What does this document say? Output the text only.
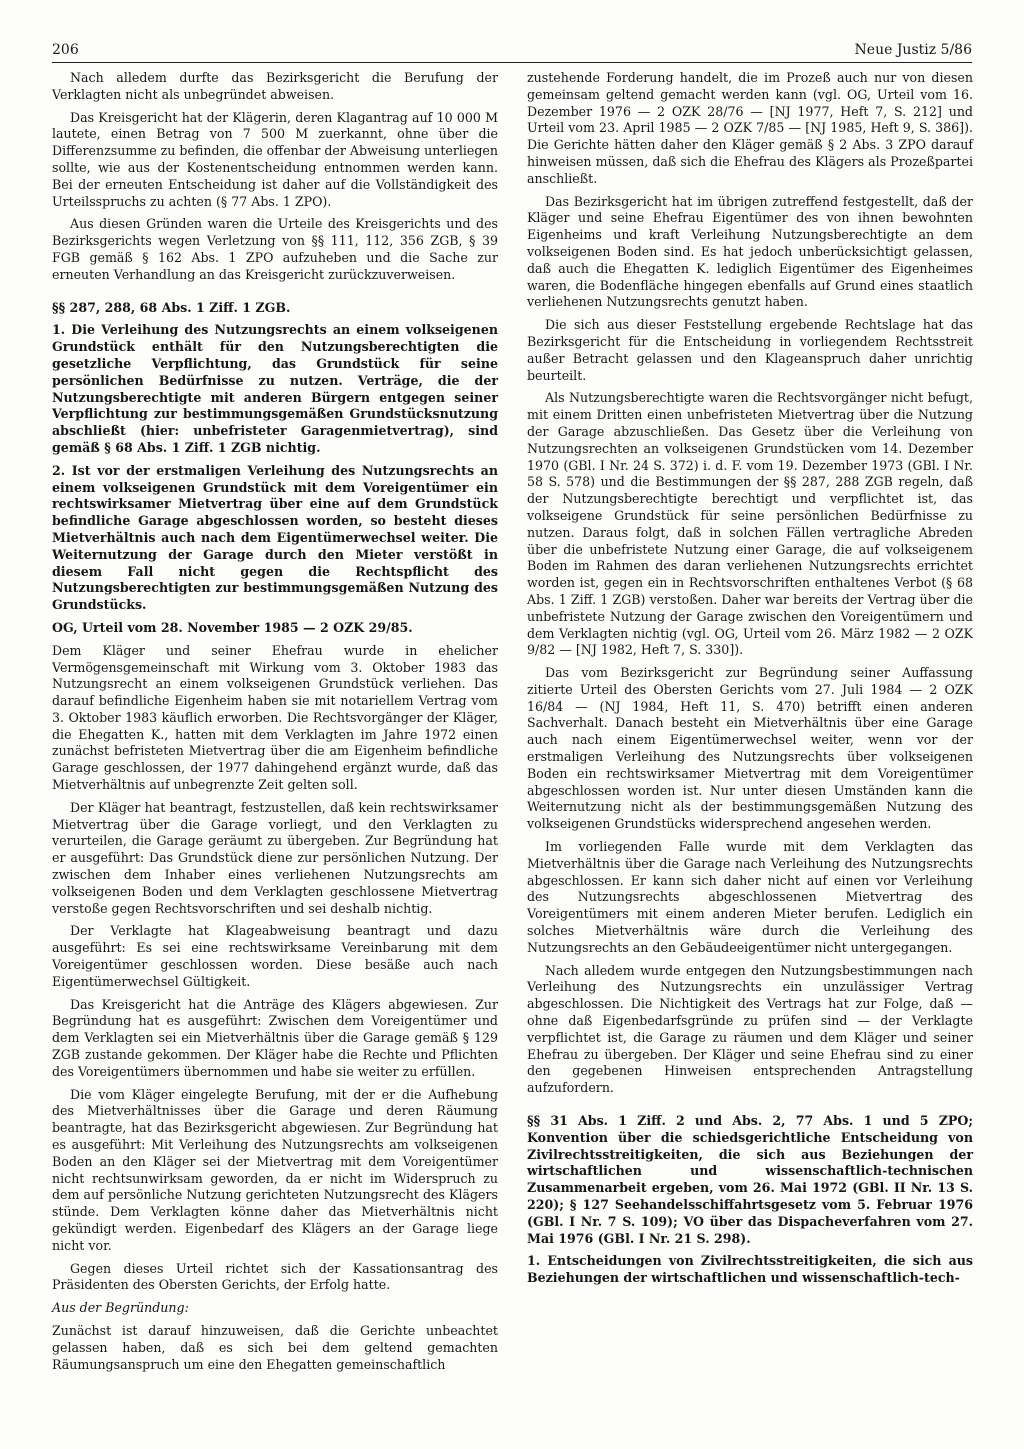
206	Neue Justiz 5/86

Nach alledem durfte das Bezirksgericht die Berufung der Verklagten nicht als unbegründet abweisen.

Das Kreisgericht hat der Klägerin, deren Klagantrag auf 10 000 M lautete, einen Betrag von 7 500 M zuerkannt, ohne über die Differenzsumme zu befinden, die offenbar der Abweisung unterliegen sollte, wie aus der Kostenentscheidung entnommen werden kann. Bei der erneuten Entscheidung ist daher auf die Vollständigkeit des Urteilsspruchs zu achten (§ 77 Abs. 1 ZPO).

Aus diesen Gründen waren die Urteile des Kreisgerichts und des Bezirksgerichts wegen Verletzung von §§ 111, 112, 356 ZGB, § 39 FGB gemäß § 162 Abs. 1 ZPO aufzuheben und die Sache zur erneuten Verhandlung an das Kreisgericht zurückzuverweisen.

§§ 287, 288, 68 Abs. 1 Ziff. 1 ZGB.

1. Die Verleihung des Nutzungsrechts an einem volkseigenen Grundstück enthält für den Nutzungsberechtigten die gesetzliche Verpflichtung, das Grundstück für seine persönlichen Bedürfnisse zu nutzen. Verträge, die der Nutzungsberechtigte mit anderen Bürgern entgegen seiner Verpflichtung zur bestimmungsgemäßen Grundstücksnutzung abschließt (hier: unbefristeter Garagenmietvertrag), sind gemäß § 68 Abs. 1 Ziff. 1 ZGB nichtig.

2. Ist vor der erstmaligen Verleihung des Nutzungsrechts an einem volkseigenen Grundstück mit dem Voreigentümer ein rechtswirksamer Mietvertrag über eine auf dem Grundstück befindliche Garage abgeschlossen worden, so besteht dieses Mietverhältnis auch nach dem Eigentümerwechsel weiter. Die Weiternutzung der Garage durch den Mieter verstößt in diesem Fall nicht gegen die Rechtspflicht des Nutzungsberechtigten zur bestimmungsgemäßen Nutzung des Grundstücks.

OG, Urteil vom 28. November 1985 — 2 OZK 29/85.

Dem Kläger und seiner Ehefrau wurde in ehelicher Vermögensgemeinschaft mit Wirkung vom 3. Oktober 1983 das Nutzungsrecht an einem volkseigenen Grundstück verliehen. Das darauf befindliche Eigenheim haben sie mit notariellem Vertrag vom 3. Oktober 1983 käuflich erworben. Die Rechtsvorgänger der Kläger, die Ehegatten K., hatten mit dem Verklagten im Jahre 1972 einen zunächst befristeten Mietvertrag über die am Eigenheim befindliche Garage geschlossen, der 1977 dahingehend ergänzt wurde, daß das Mietverhältnis auf unbegrenzte Zeit gelten soll.

Der Kläger hat beantragt, festzustellen, daß kein rechtswirksamer Mietvertrag über die Garage vorliegt, und den Verklagten zu verurteilen, die Garage geräumt zu übergeben. Zur Begründung hat er ausgeführt: Das Grundstück diene zur persönlichen Nutzung. Der zwischen dem Inhaber eines verliehenen Nutzungsrechts am volkseigenen Boden und dem Verklagten geschlossene Mietvertrag verstoße gegen Rechtsvorschriften und sei deshalb nichtig.

Der Verklagte hat Klageabweisung beantragt und dazu ausgeführt: Es sei eine rechtswirksame Vereinbarung mit dem Voreigentümer geschlossen worden. Diese besäße auch nach Eigentümerwechsel Gültigkeit.

Das Kreisgericht hat die Anträge des Klägers abgewiesen. Zur Begründung hat es ausgeführt: Zwischen dem Voreigentümer und dem Verklagten sei ein Mietverhältnis über die Garage gemäß § 129 ZGB zustande gekommen. Der Kläger habe die Rechte und Pflichten des Voreigentümers übernommen und habe sie weiter zu erfüllen.

Die vom Kläger eingelegte Berufung, mit der er die Aufhebung des Mietverhältnisses über die Garage und deren Räumung beantragte, hat das Bezirksgericht abgewiesen. Zur Begründung hat es ausgeführt: Mit Verleihung des Nutzungsrechts am volkseigenen Boden an den Kläger sei der Mietvertrag mit dem Voreigentümer nicht rechtsunwirksam geworden, da er nicht im Widerspruch zu dem auf persönliche Nutzung gerichteten Nutzungsrecht des Klägers stünde. Dem Verklagten könne daher das Mietverhältnis nicht gekündigt werden. Eigenbedarf des Klägers an der Garage liege nicht vor.

Gegen dieses Urteil richtet sich der Kassationsantrag des Präsidenten des Obersten Gerichts, der Erfolg hatte.

Aus der Begründung:

Zunächst ist darauf hinzuweisen, daß die Gerichte unbeachtet gelassen haben, daß es sich bei dem geltend gemachten Räumungsanspruch um eine den Ehegatten gemeinschaftlich

zustehende Forderung handelt, die im Prozeß auch nur von diesen gemeinsam geltend gemacht werden kann (vgl. OG, Urteil vom 16. Dezember 1976 — 2 OZK 28/76 — [NJ 1977, Heft 7, S. 212] und Urteil vom 23. April 1985 — 2 OZK 7/85 — [NJ 1985, Heft 9, S. 386]). Die Gerichte hätten daher den Kläger gemäß § 2 Abs. 3 ZPO darauf hinweisen müssen, daß sich die Ehefrau des Klägers als Prozeßpartei anschließt.

Das Bezirksgericht hat im übrigen zutreffend festgestellt, daß der Kläger und seine Ehefrau Eigentümer des von ihnen bewohnten Eigenheims und kraft Verleihung Nutzungsberechtigte an dem volkseigenen Boden sind. Es hat jedoch unberücksichtigt gelassen, daß auch die Ehegatten K. lediglich Eigentümer des Eigenheimes waren, die Bodenfläche hingegen ebenfalls auf Grund eines staatlich verliehenen Nutzungsrechts genutzt haben.

Die sich aus dieser Feststellung ergebende Rechtslage hat das Bezirksgericht für die Entscheidung in vorliegendem Rechtsstreit außer Betracht gelassen und den Klageanspruch daher unrichtig beurteilt.

Als Nutzungsberechtigte waren die Rechtsvorgänger nicht befugt, mit einem Dritten einen unbefristeten Mietvertrag über die Nutzung der Garage abzuschließen. Das Gesetz über die Verleihung von Nutzungsrechten an volkseigenen Grundstücken vom 14. Dezember 1970 (GBl. I Nr. 24 S. 372) i. d. F. vom 19. Dezember 1973 (GBl. I Nr. 58 S. 578) und die Bestimmungen der §§ 287, 288 ZGB regeln, daß der Nutzungsberechtigte berechtigt und verpflichtet ist, das volkseigene Grundstück für seine persönlichen Bedürfnisse zu nutzen. Daraus folgt, daß in solchen Fällen vertragliche Abreden über die unbefristete Nutzung einer Garage, die auf volkseigenem Boden im Rahmen des daran verliehenen Nutzungsrechts errichtet worden ist, gegen ein in Rechtsvorschriften enthaltenes Verbot (§ 68 Abs. 1 Ziff. 1 ZGB) verstoßen. Daher war bereits der Vertrag über die unbefristete Nutzung der Garage zwischen den Voreigentümern und dem Verklagten nichtig (vgl. OG, Urteil vom 26. März 1982 — 2 OZK 9/82 — [NJ 1982, Heft 7, S. 330]).

Das vom Bezirksgericht zur Begründung seiner Auffassung zitierte Urteil des Obersten Gerichts vom 27. Juli 1984 — 2 OZK 16/84 — (NJ 1984, Heft 11, S. 470) betrifft einen anderen Sachverhalt. Danach besteht ein Mietverhältnis über eine Garage auch nach einem Eigentümerwechsel weiter, wenn vor der erstmaligen Verleihung des Nutzungsrechts über volkseigenen Boden ein rechtswirksamer Mietvertrag mit dem Voreigentümer abgeschlossen worden ist. Nur unter diesen Umständen kann die Weiternutzung nicht als der bestimmungsgemäßen Nutzung des volkseigenen Grundstücks widersprechend angesehen werden.

Im vorliegenden Falle wurde mit dem Verklagten das Mietverhältnis über die Garage nach Verleihung des Nutzungsrechts abgeschlossen. Er kann sich daher nicht auf einen vor Verleihung des Nutzungsrechts abgeschlossenen Mietvertrag des Voreigentümers mit einem anderen Mieter berufen. Lediglich ein solches Mietverhältnis wäre durch die Verleihung des Nutzungsrechts an den Gebäudeeigentümer nicht untergegangen.

Nach alledem wurde entgegen den Nutzungsbestimmungen nach Verleihung des Nutzungsrechts ein unzulässiger Vertrag abgeschlossen. Die Nichtigkeit des Vertrags hat zur Folge, daß — ohne daß Eigenbedarfsgründe zu prüfen sind — der Verklagte verpflichtet ist, die Garage zu räumen und dem Kläger und seiner Ehefrau zu übergeben. Der Kläger und seine Ehefrau sind zu einer den gegebenen Hinweisen entsprechenden Antragstellung aufzufordern.

§§ 31 Abs. 1 Ziff. 2 und Abs. 2, 77 Abs. 1 und 5 ZPO; Konvention über die schiedsgerichtliche Entscheidung von Zivilrechtsstreitigkeiten, die sich aus Beziehungen der wirtschaftlichen und wissenschaftlich-technischen Zusammenarbeit ergeben, vom 26. Mai 1972 (GBl. II Nr. 13 S. 220); § 127 Seehandelsschiffahrtsgesetz vom 5. Februar 1976 (GBl. I Nr. 7 S. 109); VO über das Dispacheverfahren vom 27. Mai 1976 (GBl. I Nr. 21 S. 298).

1. Entscheidungen von Zivilrechtsstreitigkeiten, die sich aus Beziehungen der wirtschaftlichen und wissenschaftlich-tech-
